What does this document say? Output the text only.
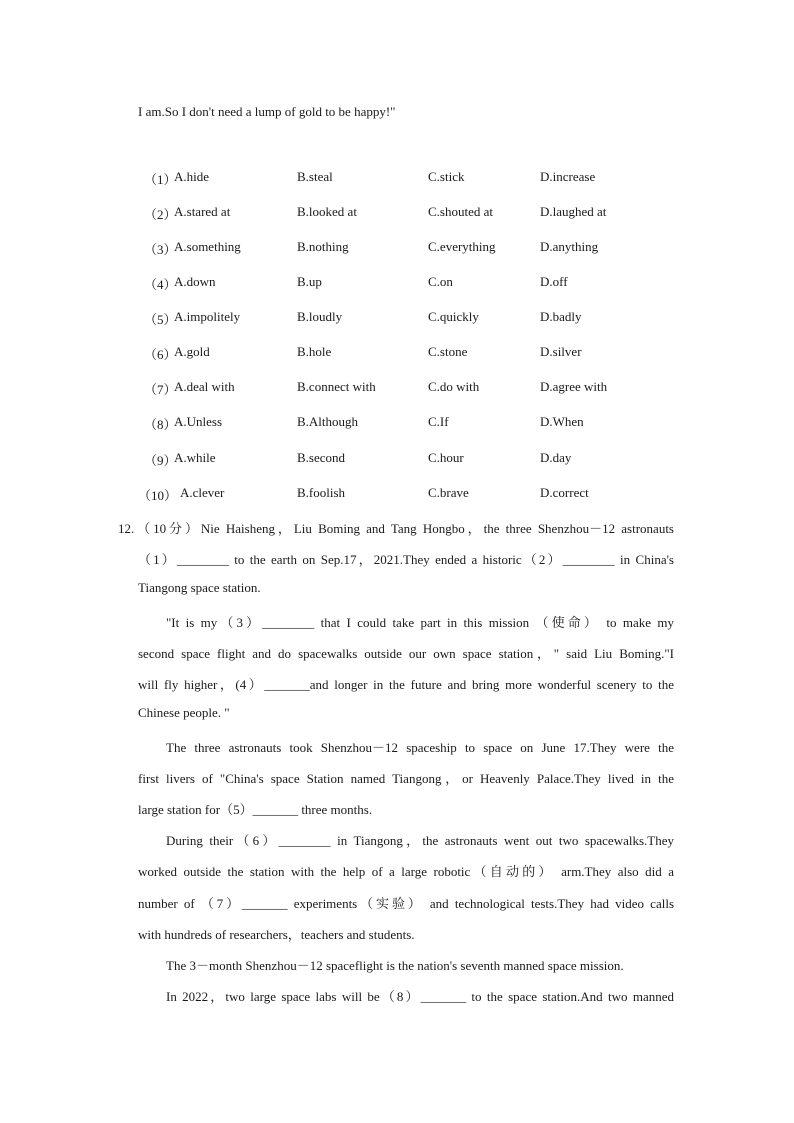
I am.So I don't need a lump of gold to be happy!"
（1）
A.hide	B.steal	C.stick	D.increase
（2）
A.stared at	B.looked at	C.shouted at	D.laughed at
（3）
A.something	B.nothing	C.everything	D.anything
（4）
A.down	B.up	C.on	D.off
（5）
A.impolitely	B.loudly	C.quickly	D.badly
（6）
A.gold	B.hole	C.stone	D.silver
（7）
A.deal with	B.connect with	C.do with	D.agree with
（8）
A.Unless	B.Although	C.If	D.When
（9）
A.while	B.second	C.hour	D.day
（10） A.clever	B.foolish	C.brave	D.correct
12.（10分）Nie Haisheng，Liu Boming and Tang Hongbo，the three Shenzhou－12 astronauts
（1）________ to the earth on Sep.17，2021.They ended a historic（2）________ in China's
Tiangong space station.
"It is my（3）________ that I could take part in this mission （使命） to make my
second space flight and do spacewalks outside our own space station，" said Liu Boming."I
will fly higher，(4）_______and longer in the future and bring more wonderful scenery to the
Chinese people. "
The three astronauts took Shenzhou－12 spaceship to space on June 17.They were the
first livers of "China's space Station named Tiangong，or Heavenly Palace.They lived in the
large station for（5）_______ three months.
During their（6）________ in Tiangong，the astronauts went out two spacewalks.They
worked outside the station with the help of a large robotic（自动的） arm.They also did a
number of （7）_______ experiments（实验） and technological tests.They had video calls
with hundreds of researchers，teachers and students.
The 3－month Shenzhou－12 spaceflight is the nation's seventh manned space mission.
In 2022，two large space labs will be（8）_______ to the space station.And two manned
